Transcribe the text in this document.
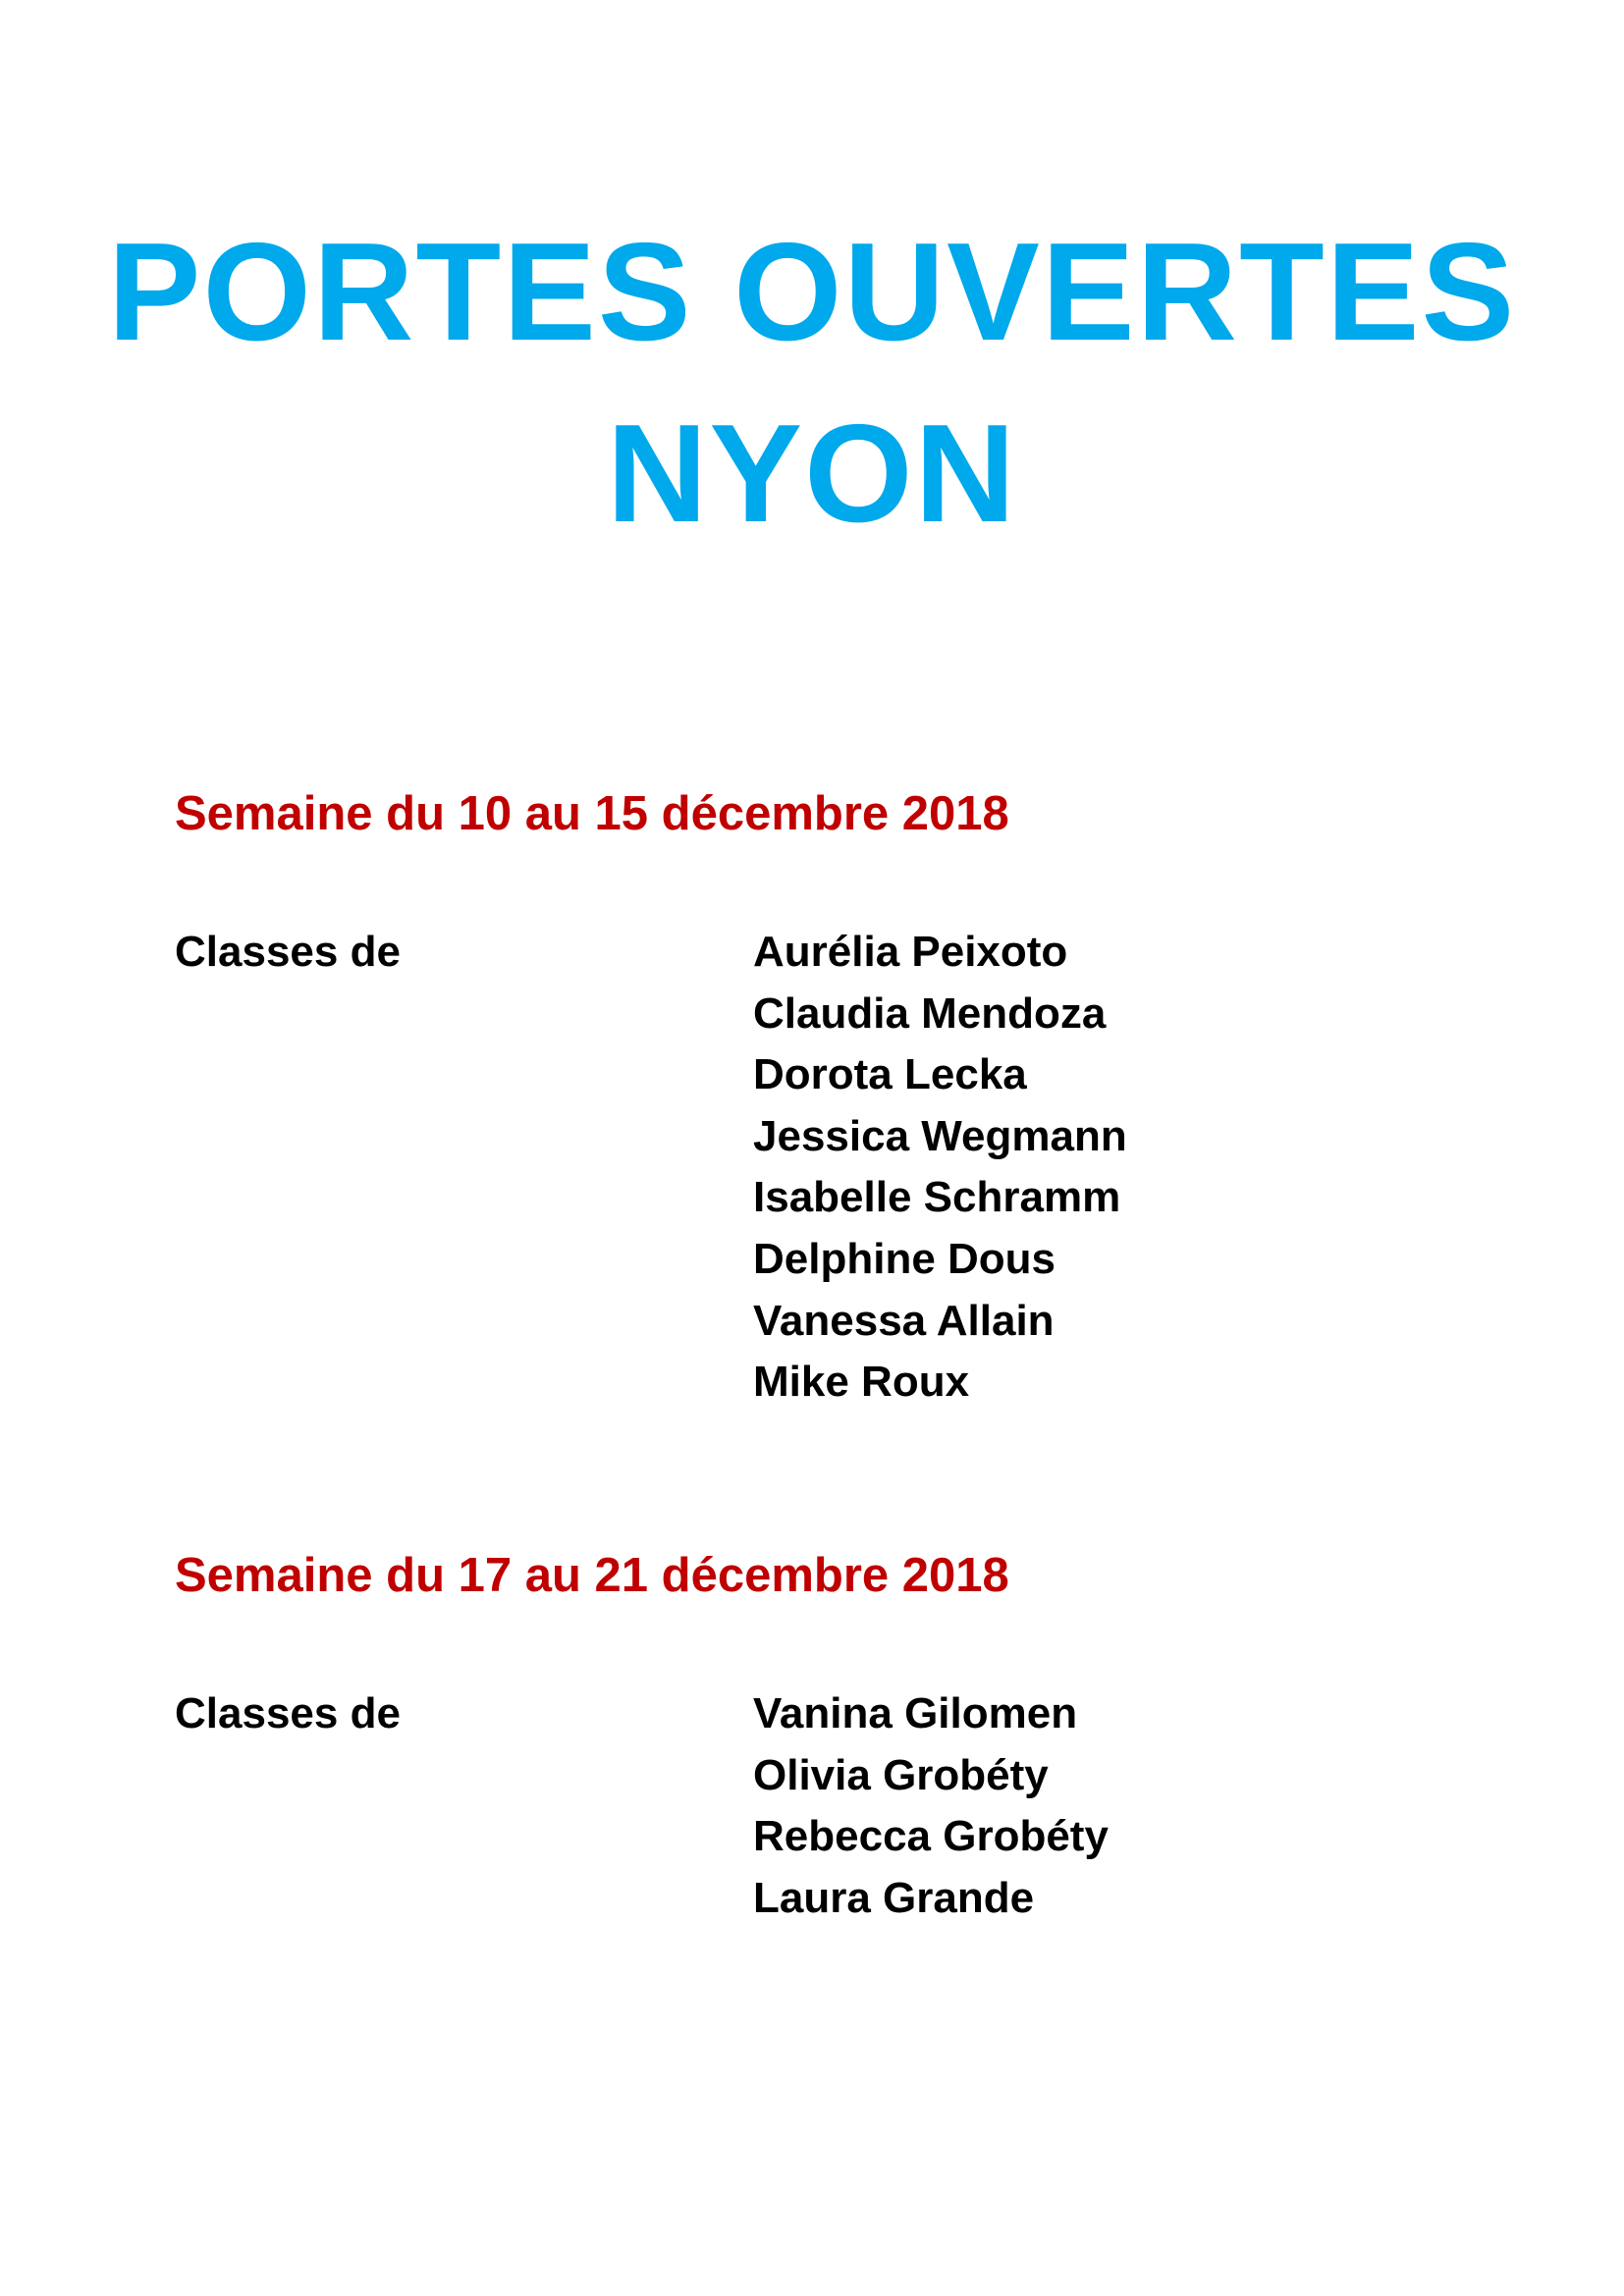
PORTES OUVERTES
NYON
Semaine du 10 au 15 décembre 2018

Classes de	Aurélia Peixoto
Claudia Mendoza
Dorota Lecka
Jessica Wegmann
Isabelle Schramm
Delphine Dous
Vanessa Allain
Mike Roux
Semaine du 17 au 21 décembre 2018

Classes de	Vanina Gilomen
Olivia Grobéty
Rebecca Grobéty
Laura Grande
